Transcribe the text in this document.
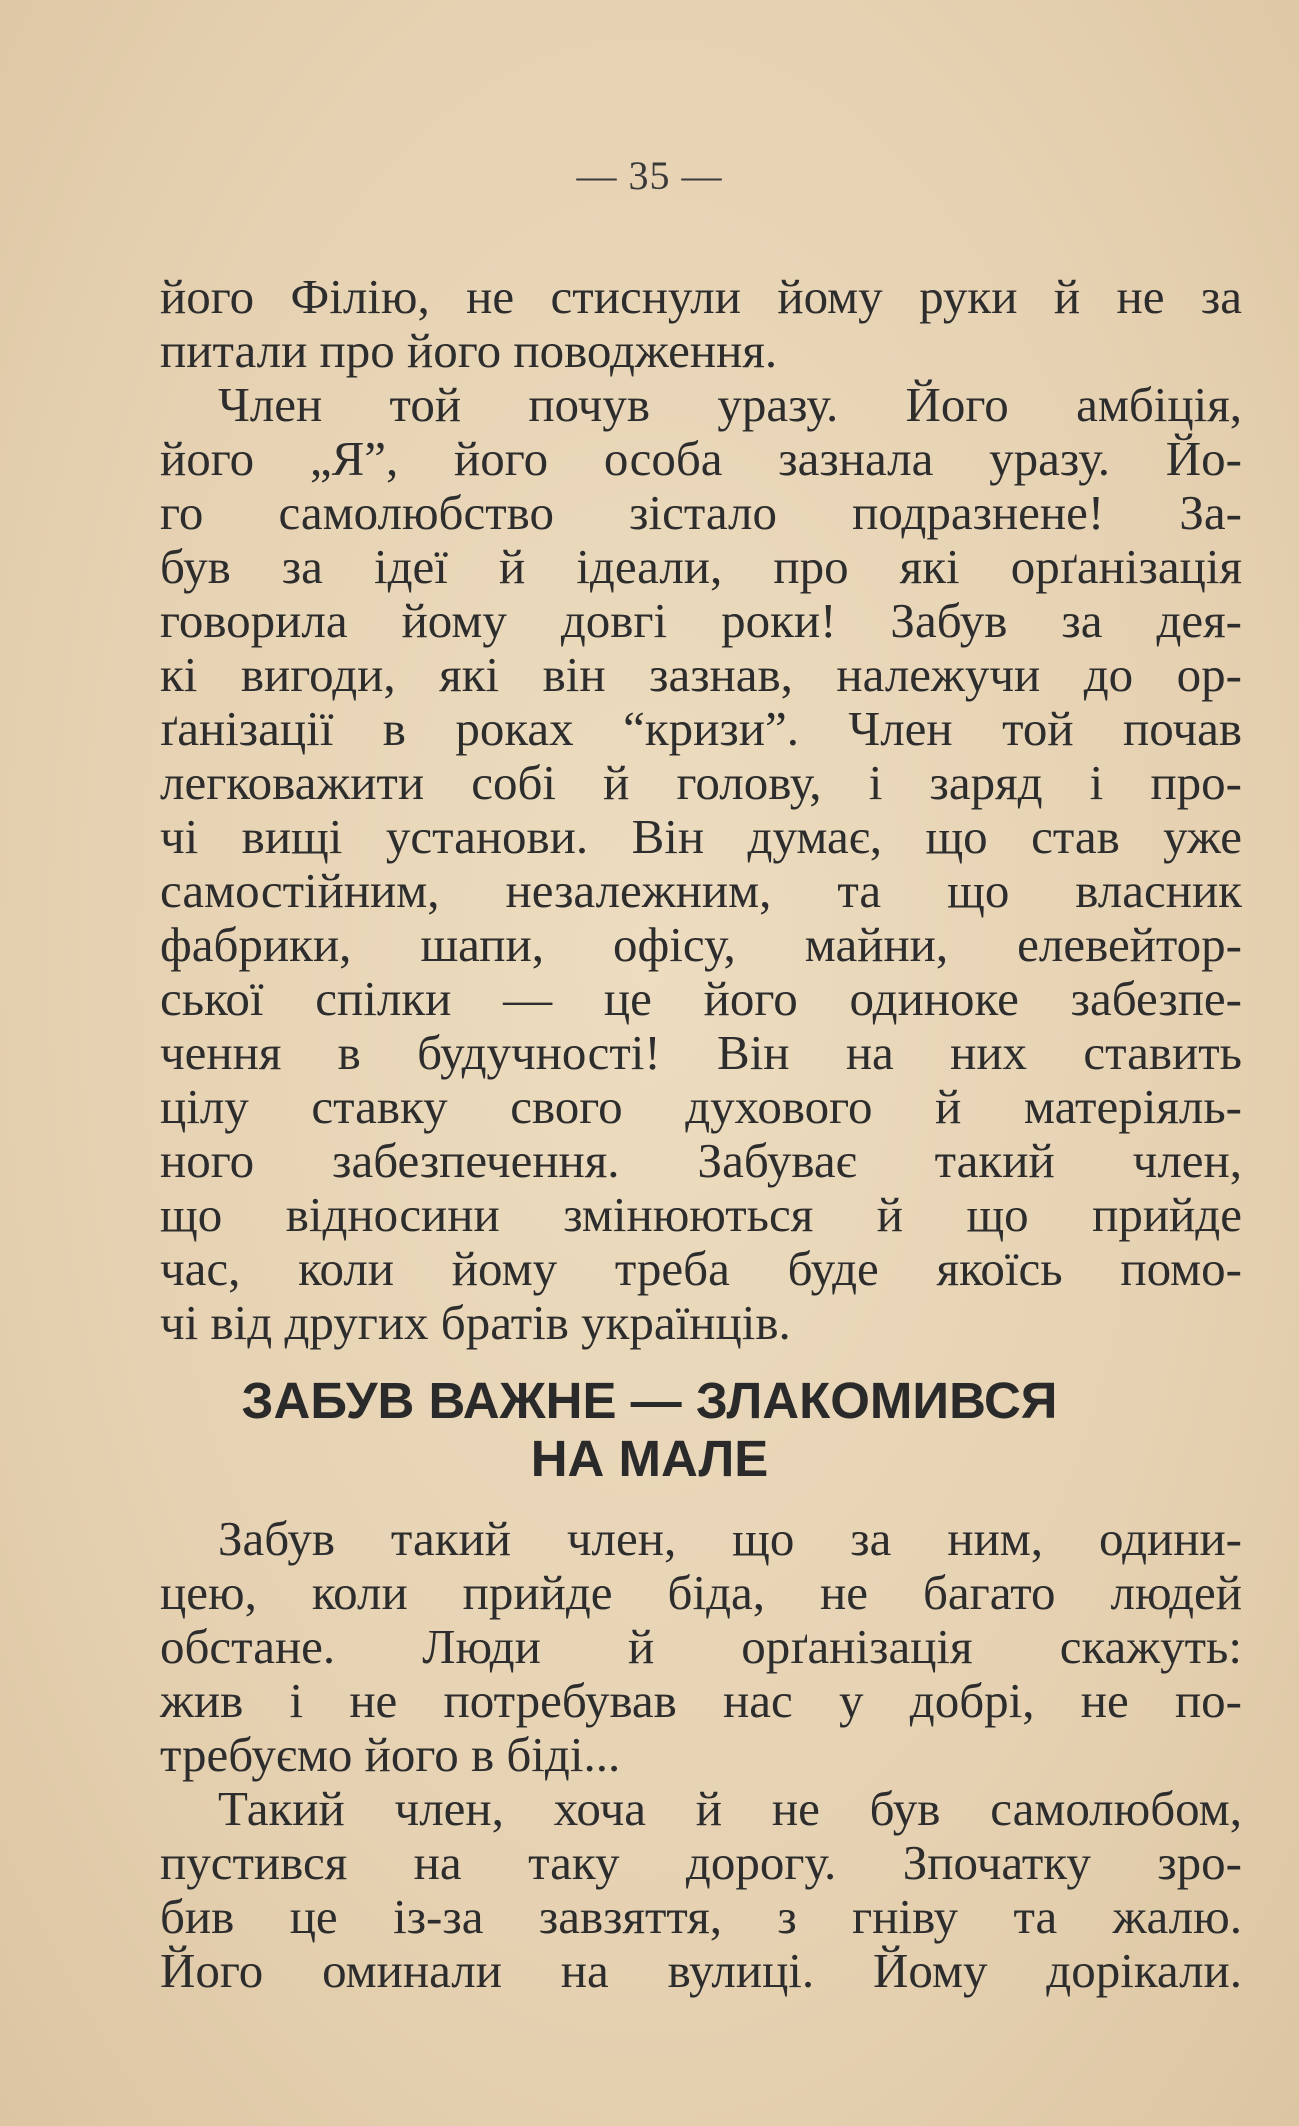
— 35 —
його Філію, не стиснули йому руки й не за
питали про його поводження.
Член той почув уразу. Його амбіція,
його „Я”, його особа зазнала уразу. Йо-
го самолюбство зістало подразнене! За-
був за ідеї й ідеали, про які орґанізація
говорила йому довгі роки! Забув за дея-
кі вигоди, які він зазнав, належучи до ор-
ґанізації в роках “кризи”. Член той почав
легковажити собі й голову, і заряд і про-
чі вищі установи. Він думає, що став уже
самостійним, незалежним, та що власник
фабрики, шапи, офісу, майни, елевейтор-
ської спілки — це його одиноке забезпе-
чення в будучності! Він на них ставить
цілу ставку свого духового й матеріяль-
ного забезпечення. Забуває такий член,
що відносини змінюються й що прийде
час, коли йому треба буде якоїсь помо-
чі від других братів українців.
ЗАБУВ ВАЖНЕ — ЗЛАКОМИВСЯ
НА МАЛЕ
Забув такий член, що за ним, одини-
цею, коли прийде біда, не багато людей
обстане. Люди й орґанізація скажуть:
жив і не потребував нас у добрі, не по-
требуємо його в біді...
Такий член, хоча й не був самолюбом,
пустився на таку дорогу. Зпочатку зро-
бив це із-за завзяття, з гніву та жалю.
Його оминали на вулиці. Йому дорікали.
